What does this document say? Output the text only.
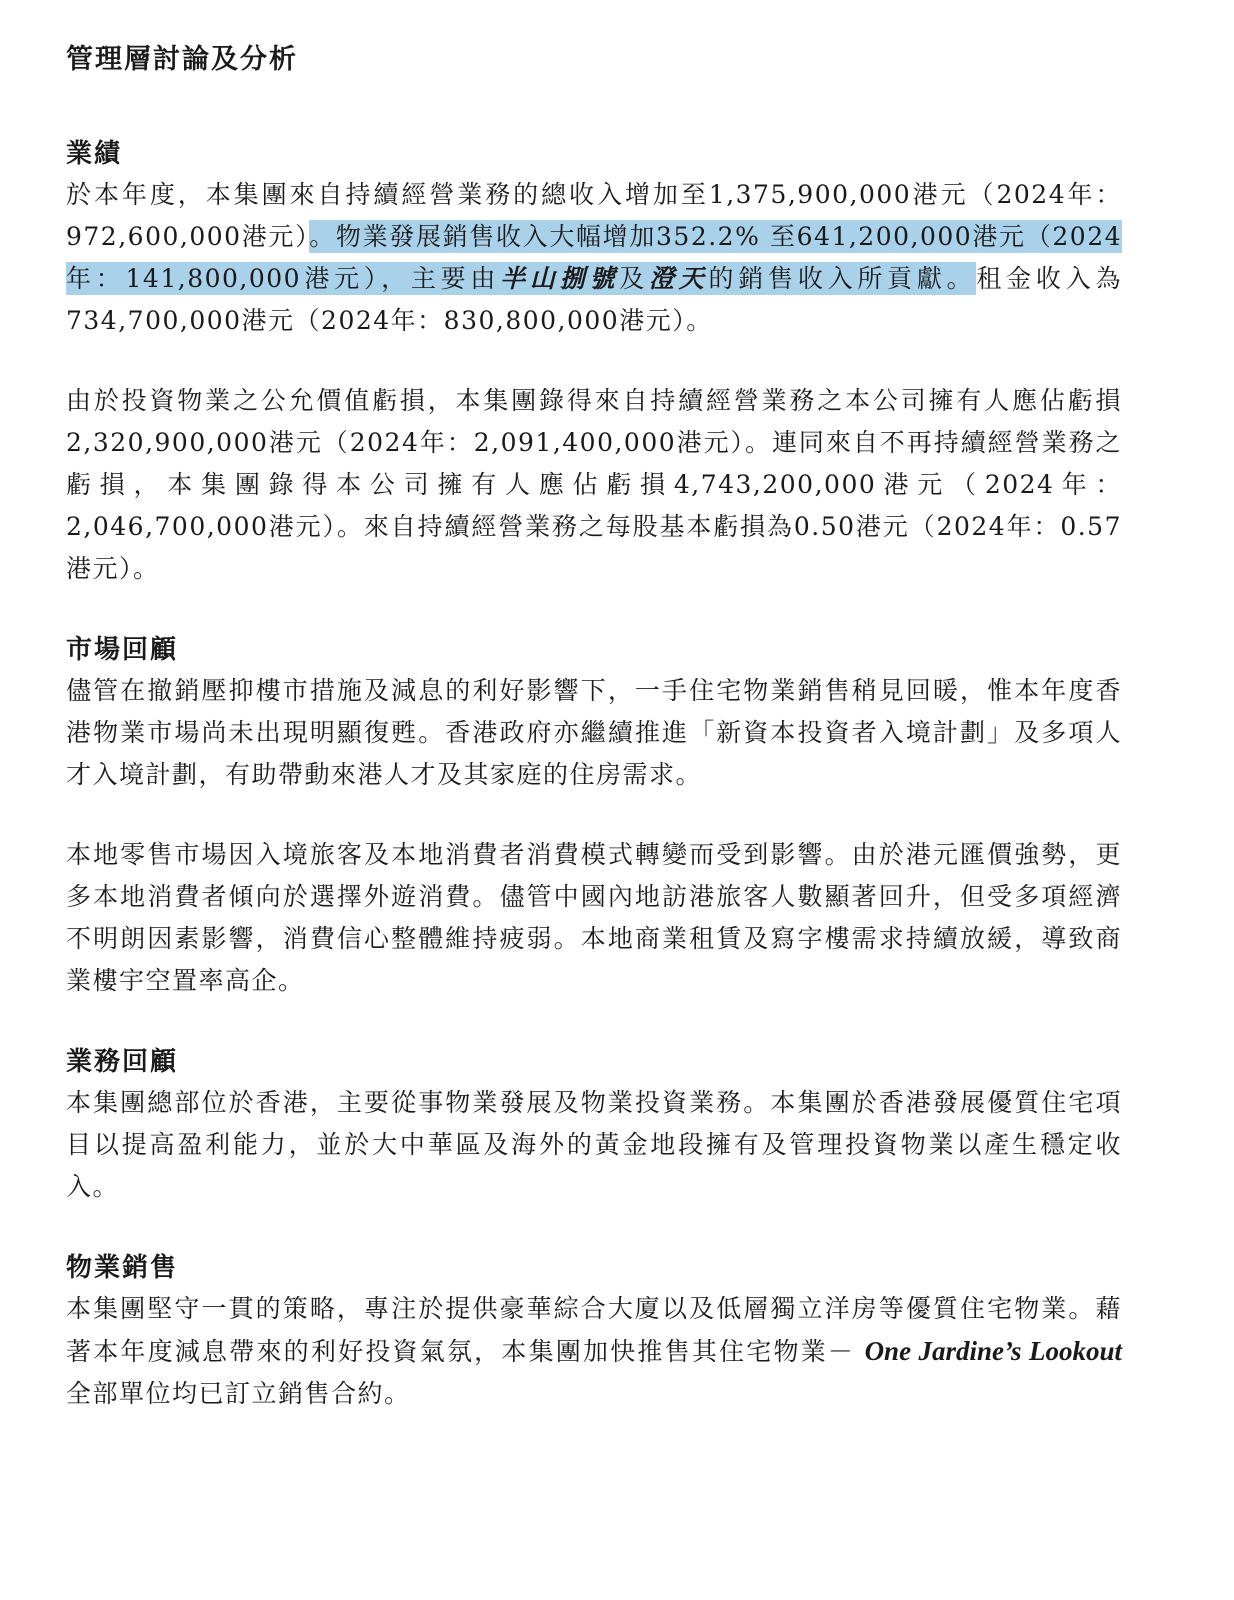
管理層討論及分析
業績

於本年度，本集團來自持續經營業務的總收入增加至1,375,900,000港元（2024年：972,600,000港元）。物業發展銷售收入大幅增加352.2% 至641,200,000港元（2024年：141,800,000港元），主要由半山捌號及澄天的銷售收入所貢獻。租金收入為734,700,000港元（2024年：830,800,000港元）。

由於投資物業之公允價值虧損，本集團錄得來自持續經營業務之本公司擁有人應佔虧損2,320,900,000港元（2024年：2,091,400,000港元）。連同來自不再持續經營業務之虧損，本集團錄得本公司擁有人應佔虧損4,743,200,000港元（2024年：2,046,700,000港元）。來自持續經營業務之每股基本虧損為0.50港元（2024年：0.57港元）。

市場回顧

儘管在撤銷壓抑樓市措施及減息的利好影響下，一手住宅物業銷售稍見回暖，惟本年度香港物業市場尚未出現明顯復甦。香港政府亦繼續推進「新資本投資者入境計劃」及多項人才入境計劃，有助帶動來港人才及其家庭的住房需求。

本地零售市場因入境旅客及本地消費者消費模式轉變而受到影響。由於港元匯價強勢，更多本地消費者傾向於選擇外遊消費。儘管中國內地訪港旅客人數顯著回升，但受多項經濟不明朗因素影響，消費信心整體維持疲弱。本地商業租賃及寫字樓需求持續放緩，導致商業樓宇空置率高企。

業務回顧

本集團總部位於香港，主要從事物業發展及物業投資業務。本集團於香港發展優質住宅項目以提高盈利能力，並於大中華區及海外的黃金地段擁有及管理投資物業以產生穩定收入。

物業銷售

本集團堅守一貫的策略，專注於提供豪華綜合大廈以及低層獨立洋房等優質住宅物業。藉著本年度減息帶來的利好投資氣氛，本集團加快推售其住宅物業－ One Jardine’s Lookout 全部單位均已訂立銷售合約。
